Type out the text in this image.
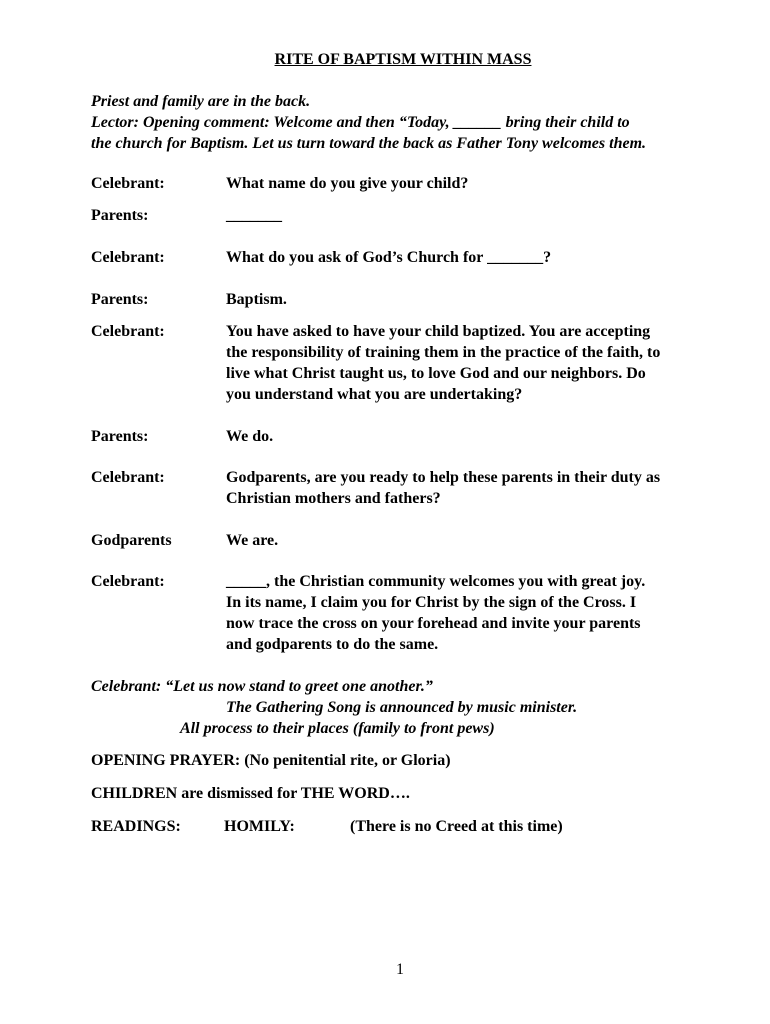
RITE OF BAPTISM WITHIN MASS
Priest and family are in the back.
Lector: Opening comment: Welcome and then “Today, ______ bring their child to
the church for Baptism. Let us turn toward the back as Father Tony welcomes them.
Celebrant:	What name do you give your child?
Parents:	_______
Celebrant:	What do you ask of God’s Church for _______?
Parents:	Baptism.
Celebrant:	You have asked to have your child baptized. You are accepting
the responsibility of training them in the practice of the faith, to
live what Christ taught us, to love God and our neighbors. Do
you understand what you are undertaking?
Parents:	We do.
Celebrant:	Godparents, are you ready to help these parents in their duty as
Christian mothers and fathers?
Godparents	We are.
Celebrant:	_____, the Christian community welcomes you with great joy.
In its name, I claim you for Christ by the sign of the Cross. I
now trace the cross on your forehead and invite your parents
and godparents to do the same.
Celebrant: “Let us now stand to greet one another.”
The Gathering Song is announced by music minister.
All process to their places (family to front pews)
OPENING PRAYER: (No penitential rite, or Gloria)
CHILDREN are dismissed for THE WORD….
READINGS:	HOMILY:	(There is no Creed at this time)
1
